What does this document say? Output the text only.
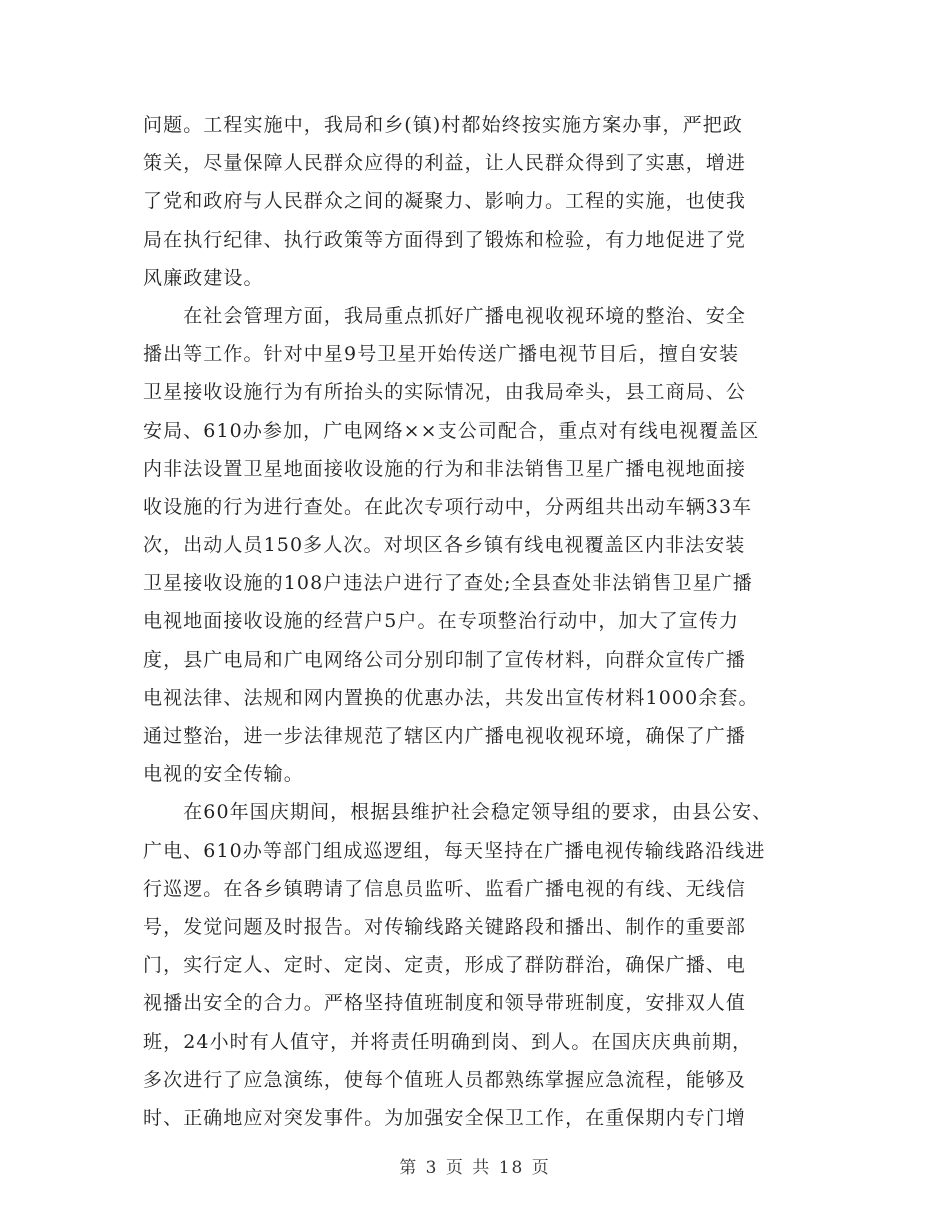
问题。工程实施中，我局和乡(镇)村都始终按实施方案办事，严把政
策关，尽量保障人民群众应得的利益，让人民群众得到了实惠，增进
了党和政府与人民群众之间的凝聚力、影响力。工程的实施，也使我
局在执行纪律、执行政策等方面得到了锻炼和检验，有力地促进了党
风廉政建设。
　　在社会管理方面，我局重点抓好广播电视收视环境的整治、安全
播出等工作。针对中星9号卫星开始传送广播电视节目后，擅自安装
卫星接收设施行为有所抬头的实际情况，由我局牵头，县工商局、公
安局、610办参加，广电网络××支公司配合，重点对有线电视覆盖区
内非法设置卫星地面接收设施的行为和非法销售卫星广播电视地面接
收设施的行为进行查处。在此次专项行动中，分两组共出动车辆33车
次，出动人员150多人次。对坝区各乡镇有线电视覆盖区内非法安装
卫星接收设施的108户违法户进行了查处;全县查处非法销售卫星广播
电视地面接收设施的经营户5户。在专项整治行动中，加大了宣传力
度，县广电局和广电网络公司分别印制了宣传材料，向群众宣传广播
电视法律、法规和网内置换的优惠办法，共发出宣传材料1000余套。
通过整治，进一步法律规范了辖区内广播电视收视环境，确保了广播
电视的安全传输。
　　在60年国庆期间，根据县维护社会稳定领导组的要求，由县公安、
广电、610办等部门组成巡逻组，每天坚持在广播电视传输线路沿线进
行巡逻。在各乡镇聘请了信息员监听、监看广播电视的有线、无线信
号，发觉问题及时报告。对传输线路关键路段和播出、制作的重要部
门，实行定人、定时、定岗、定责，形成了群防群治，确保广播、电
视播出安全的合力。严格坚持值班制度和领导带班制度，安排双人值
班，24小时有人值守，并将责任明确到岗、到人。在国庆庆典前期，
多次进行了应急演练，使每个值班人员都熟练掌握应急流程，能够及
时、正确地应对突发事件。为加强安全保卫工作，在重保期内专门增
第 3 页 共 18 页
